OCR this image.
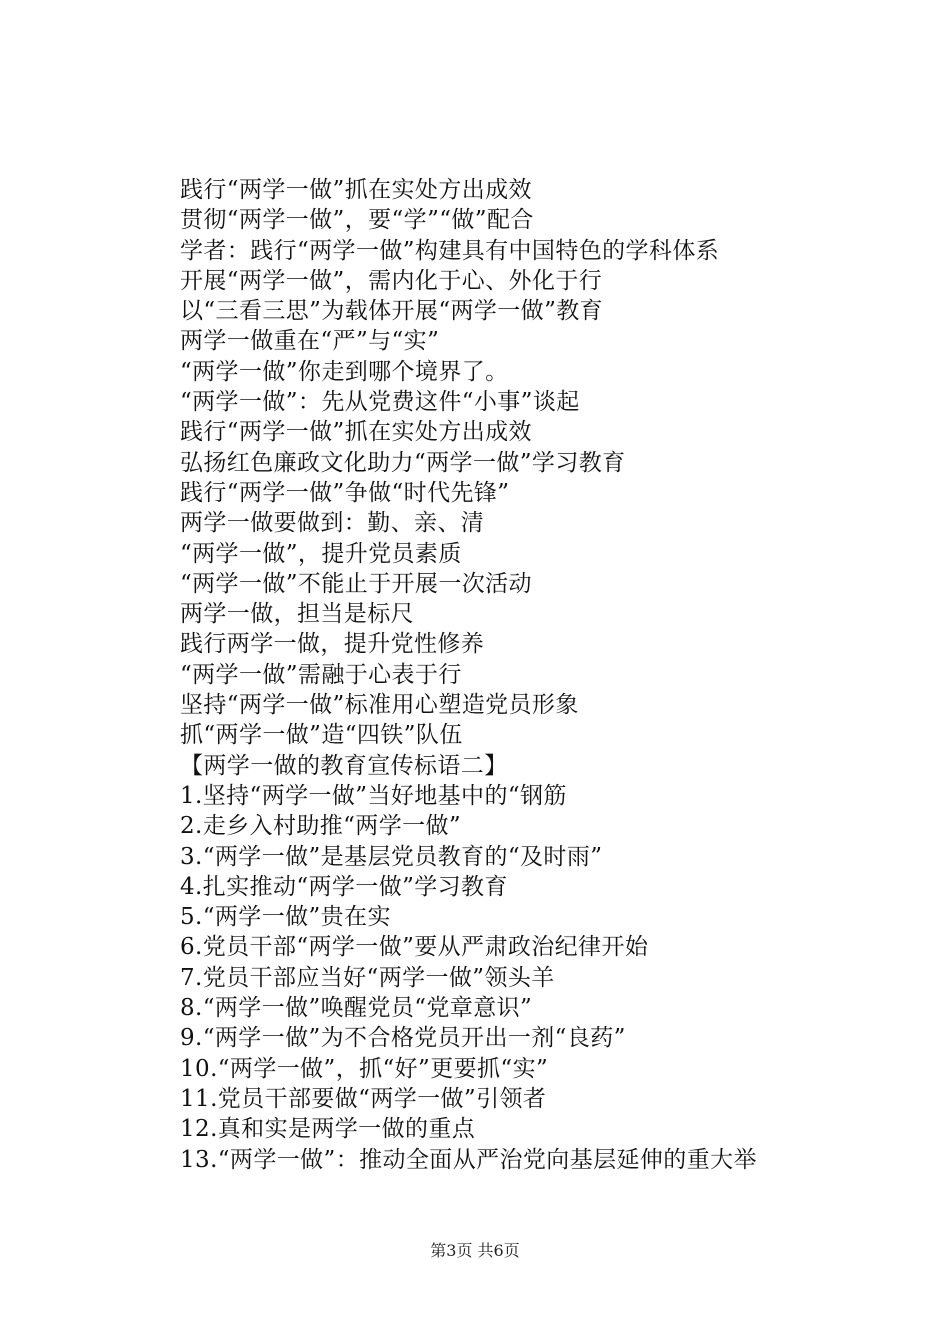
践行“两学一做”抓在实处方出成效
贯彻“两学一做”，要“学”“做”配合
学者：践行“两学一做”构建具有中国特色的学科体系
开展“两学一做”，需内化于心、外化于行
以“三看三思”为载体开展“两学一做”教育
两学一做重在“严”与“实”
“两学一做”你走到哪个境界了。
“两学一做”：先从党费这件“小事”谈起
践行“两学一做”抓在实处方出成效
弘扬红色廉政文化助力“两学一做”学习教育
践行“两学一做”争做“时代先锋”
两学一做要做到：勤、亲、清
“两学一做”，提升党员素质
“两学一做”不能止于开展一次活动
两学一做，担当是标尺
践行两学一做，提升党性修养
“两学一做”需融于心表于行
坚持“两学一做”标准用心塑造党员形象
抓“两学一做”造“四铁”队伍
【两学一做的教育宣传标语二】
1.坚持“两学一做”当好地基中的“钢筋
2.走乡入村助推“两学一做”
3.“两学一做”是基层党员教育的“及时雨”
4.扎实推动“两学一做”学习教育
5.“两学一做”贵在实
6.党员干部“两学一做”要从严肃政治纪律开始
7.党员干部应当好“两学一做”领头羊
8.“两学一做”唤醒党员“党章意识”
9.“两学一做”为不合格党员开出一剂“良药”
10.“两学一做”，抓“好”更要抓“实”
11.党员干部要做“两学一做”引领者
12.真和实是两学一做的重点
13.“两学一做”：推动全面从严治党向基层延伸的重大举
第3页 共6页
